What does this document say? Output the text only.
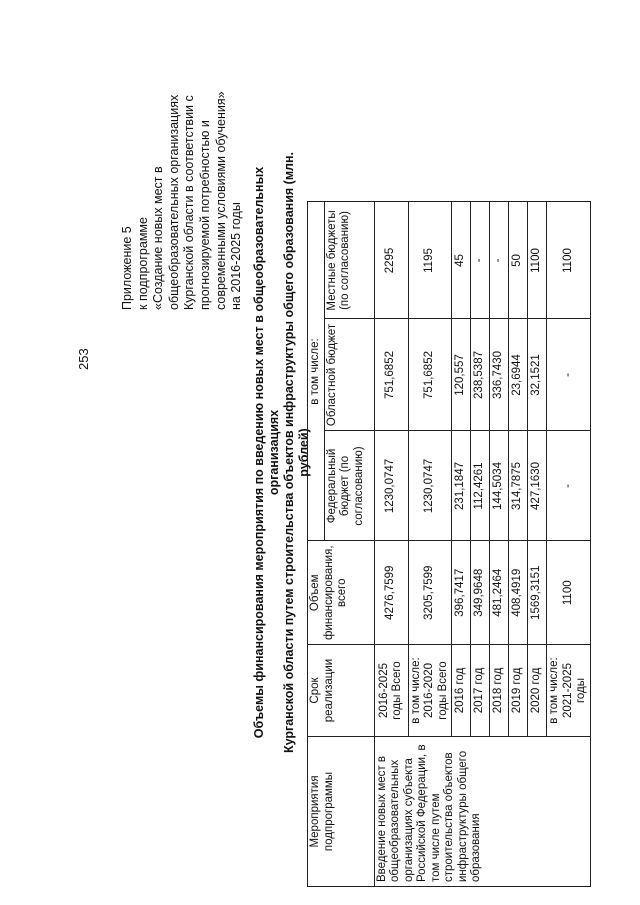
253
Приложение 5 к подпрограмме «Создание новых мест в общеобразовательных организациях Курганской области в соответствии с прогнозируемой потребностью и современными условиями обучения» на 2016-2025 годы Объемы финансирования мероприятия по введению новых мест в общеобразовательных организациях Курганской области путем строительства объектов инфраструктуры общего образования (млн. рублей)
Мероприятия подпрограммы	Срок реализации	Объем финансирования, всего	в том числе:		
			Федеральный бюджет (по согласованию)	Областной бюджет	Местные бюджеты (по согласованию)
Введение новых мест в общеобразовательных организациях субъекта Российской Федерации, в том числе путем строительства объектов инфраструктуры общего образования	2016-2025 годы Всего	4276,7599	1230,0747	751,6852	2295
	в том числе: 2016-2020 годы Всего	3205,7599	1230,0747	751,6852	1195
	2016 год	396,7417	231,1847	120,557	45
	2017 год	349,9648	112,4261	238,5387	-
	2018 год	481,2464	144,5034	336,7430	-
	2019 год	408,4919	314,7875	23,6944	50
	2020 год	1569,3151	427,1630	32,1521	1100
	в том числе: 2021-2025 годы	1100	-	-	1100
